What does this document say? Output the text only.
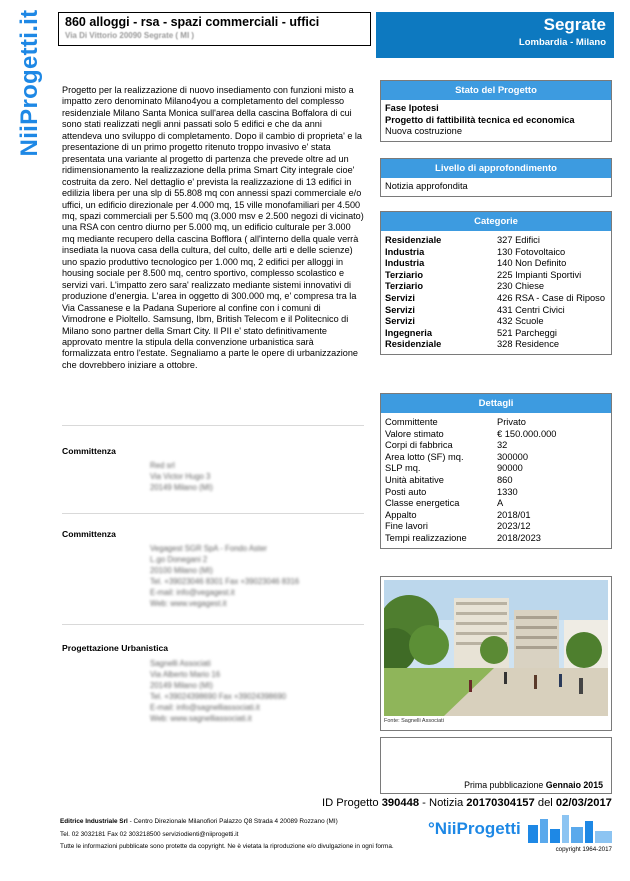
NiiProgetti.it 860 alloggi - rsa - spazi commerciali - uffici
Via Di Vittorio 20090 Segrate ( MI )
Segrate
Lombardia - Milano
Progetto per la realizzazione di nuovo insediamento con funzioni misto a impatto zero denominato Milano4you a completamento del complesso residenziale Milano Santa Monica sull'area della cascina Boffalora di cui sono stati realizzati negli anni passati solo 5 edifici e che da anni attendeva uno sviluppo di completamento. Dopo il cambio di proprieta' e la presentazione di un primo progetto ritenuto troppo invasivo e' stata presentata una variante al progetto di partenza che prevede oltre ad un ridimensionamento la realizzazione della prima Smart City integrale cioe' costruita da zero. Nel dettaglio e' prevista la realizzazione di 13 edifici in edilizia libera per una slp di 55.808 mq con annessi spazi commerciale e/o uffici, un edificio direzionale per 4.000 mq, 15 ville monofamiliari per 4.500 mq, spazi commerciali per 5.500 mq (3.000 msv e 2.500 negozi di vicinato) una RSA con centro diurno per 5.000 mq, un edificio culturale per 3.000 mq mediante recupero della cascina Bofflora ( all'interno della quale verrà insediata la nuova casa della cultura, del culto, delle arti e delle scienze) uno spazio produttivo tecnologico per 1.000 mq, 2 edifici per alloggi in housing sociale per 8.500 mq, centro sportivo, complesso scolastico e servizi vari. L'impatto zero sara' realizzato mediante sistemi innovativi di produzione d'energia. L'area in oggetto di 300.000 mq, e' compresa tra la Via Cassanese e la Padana Superiore al confine con i comuni di Vimodrone e Pioltello. Samsung, Ibm, British Telecom e il Politecnico di Milano sono partner della Smart City. Il PII e' stato definitivamente approvato mentre la stipula della convenzione urbanistica sarà formalizzata entro l'estate. Segnaliamo a parte le opere di urbanizzazione che dovrebbero iniziare a ottobre.
Stato del Progetto
Fase Ipotesi
Progetto di fattibilità tecnica ed economica
Nuova costruzione
Livello di approfondimento
Notizia approfondita
Categorie
Residenziale	327 Edifici
Industria	130 Fotovoltaico
Industria	140 Non Definito
Terziario	225 Impianti Sportivi
Terziario	230 Chiese
Servizi	426 RSA - Case di Riposo
Servizi	431 Centri Civici
Servizi	432 Scuole
Ingegneria	521 Parcheggi
Residenziale	328 Residence
Dettagli
Committente	Privato
Valore stimato	€ 150.000.000
Corpi di fabbrica	32
Area lotto (SF) mq.	300000
SLP mq.	90000
Unità abitative	860
Posti auto	1330
Classe energetica	A
Appalto	2018/01
Fine lavori	2023/12
Tempi realizzazione	2018/2023
Fonte: Sagnelli Associati
Committenza
Red srl
Via Victor Hugo 3
20149 Milano (MI)
Committenza
Vegagest SGR SpA - Fondo Aster
L.go Donegani 2
20100 Milano (MI)
Tel. +39023046 8301 Fax +39023046 8316
E-mail: info@vegagest.it
Web: www.vegagest.it
Progettazione Urbanistica
Sagnelli Associati
Via Alberto Mario 16
20149 Milano (MI)
Tel. +39024398690 Fax +39024398690
E-mail: info@sagnelliassociati.it
Web: www.sagnelliassociati.it
Prima pubblicazione Gennaio 2015
ID Progetto 390448 - Notizia 20170304157 del 02/03/2017
Editrice Industriale Srl - Centro Direzionale Milanofiori Palazzo Q8 Strada 4 20089 Rozzano (MI)
Tel. 02 3032181 Fax 02 303218500 serviziodienti@niiprogetti.it
Tutte le informazioni pubblicate sono protette da copyright. Ne è vietata la riproduzione e/o divulgazione in ogni forma.
°NiiProgetti
copyright 1964-2017
